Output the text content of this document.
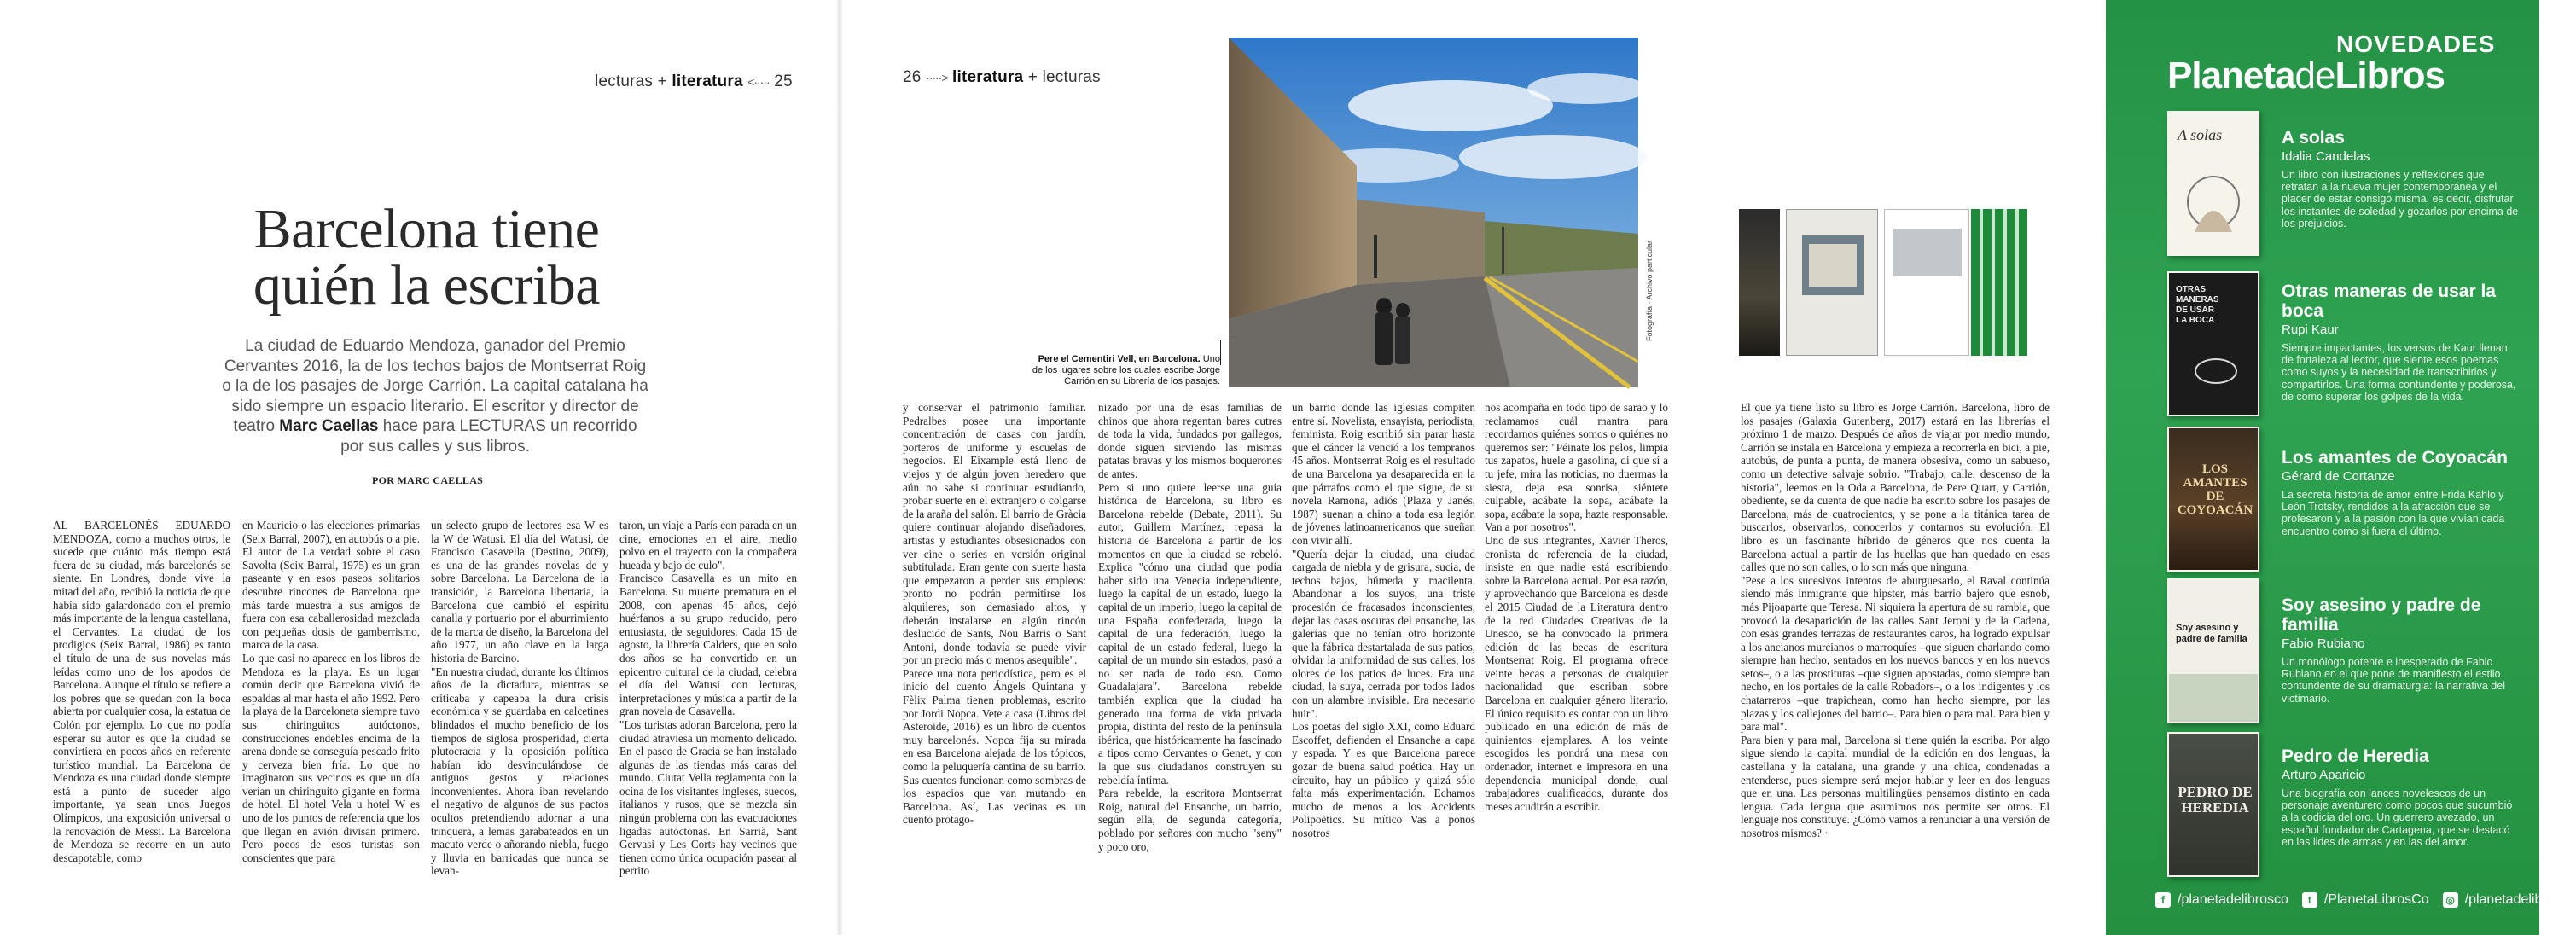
lecturas + literatura <····· 25
Barcelona tiene quién la escriba
La ciudad de Eduardo Mendoza, ganador del Premio Cervantes 2016, la de los techos bajos de Montserrat Roig o la de los pasajes de Jorge Carrión. La capital catalana ha sido siempre un espacio literario. El escritor y director de teatro Marc Caellas hace para LECTURAS un recorrido por sus calles y sus libros.
POR MARC CAELLAS
AL BARCELONÉS EDUARDO MENDOZA, como a muchos otros, le sucede que cuánto más tiempo está fuera de su ciudad, más barcelonés se siente. En Londres, donde vive la mitad del año, recibió la noticia de que había sido galardonado con el premio más importante de la lengua castellana, el Cervantes. La ciudad de los prodigios (Seix Barral, 1986) es tanto el título de una de sus novelas más leídas como uno de los apodos de Barcelona. Aunque el título se refiere a los pobres que se quedan con la boca abierta por cualquier cosa, la estatua de Colón por ejemplo. Lo que no podía esperar su autor es que la ciudad se convirtiera en pocos años en referente turístico mundial. La Barcelona de Mendoza es una ciudad donde siempre está a punto de suceder algo importante, ya sean unos Juegos Olímpicos, una exposición universal o la renovación de Messi. La Barcelona de Mendoza se recorre en un auto descapotable, como
en Mauricio o las elecciones primarias (Seix Barral, 2007), en autobús o a pie. El autor de La verdad sobre el caso Savolta (Seix Barral, 1975) es un gran paseante y en esos paseos solitarios descubre rincones de Barcelona que más tarde muestra a sus amigos de fuera con esa caballerosidad mezclada con pequeñas dosis de gamberrismo, marca de la casa.
Lo que casi no aparece en los libros de Mendoza es la playa. Es un lugar común decir que Barcelona vivió de espaldas al mar hasta el año 1992. Pero la playa de la Barceloneta siempre tuvo sus chiringuitos autóctonos, construcciones endebles encima de la arena donde se conseguía pescado frito y cerveza bien fría. Lo que no imaginaron sus vecinos es que un día verían un chiringuito gigante en forma de hotel. El hotel Vela u hotel W es uno de los puntos de referencia que los que llegan en avión divisan primero. Pero pocos de esos turistas son conscientes que para
un selecto grupo de lectores esa W es la W de Watusi. El día del Watusi, de Francisco Casavella (Destino, 2009), es una de las grandes novelas de y sobre Barcelona. La Barcelona de la transición, la Barcelona libertaria, la Barcelona que cambió el espíritu canalla y portuario por el aburrimiento de la marca de diseño, la Barcelona del año 1977, un año clave en la larga historia de Barcino.
"En nuestra ciudad, durante los últimos años de la dictadura, mientras se criticaba y capeaba la dura crisis económica y se guardaba en calcetines blindados el mucho beneficio de los tiempos de siglosa prosperidad, cierta plutocracia y la oposición política habían ido desvinculándose de antiguos gestos y relaciones inconvenientes. Ahora iban revelando el negativo de algunos de sus pactos ocultos pretendiendo adornar a una trinquera, a lemas garabateados en un macuto verde o añorando niebla, fuego y lluvia en barricadas que nunca se levan-
taron, un viaje a París con parada en un cine, emociones en el aire, medio polvo en el trayecto con la compañera hueada y bajo de culo".
Francisco Casavella es un mito en Barcelona. Su muerte prematura en el 2008, con apenas 45 años, dejó huérfanos a su grupo reducido, pero entusiasta, de seguidores. Cada 15 de agosto, la librería Calders, que en solo dos años se ha convertido en un epicentro cultural de la ciudad, celebra el día del Watusi con lecturas, interpretaciones y música a partir de la gran novela de Casavella.
"Los turistas adoran Barcelona, pero la ciudad atraviesa un momento delicado. En el paseo de Gracia se han instalado algunas de las tiendas más caras del mundo. Ciutat Vella reglamenta con la ocina de los visitantes ingleses, suecos, italianos y rusos, que se mezcla sin ningún problema con las evacuaciones ligadas autóctonas. En Sarrià, Sant Gervasi y Les Corts hay vecinos que tienen como única ocupación pasear al perrito
26 ·····> literatura + lecturas
Fotografía · Archivo particular
Pere el Cementiri Vell, en Barcelona. Uno de los lugares sobre los cuales escribe Jorge Carrión en su Librería de los pasajes.
y conservar el patrimonio familiar. Pedralbes posee una importante concentración de casas con jardín, porteros de uniforme y escuelas de negocios. El Eixample está lleno de viejos y de algún joven heredero que aún no sabe si continuar estudiando, probar suerte en el extranjero o colgarse de la araña del salón. El barrio de Gràcia quiere continuar alojando diseñadores, artistas y estudiantes obsesionados con ver cine o series en versión original subtitulada. Eran gente con suerte hasta que empezaron a perder sus empleos: pronto no podrán permitirse los alquileres, son demasiado altos, y deberán instalarse en algún rincón deslucido de Sants, Nou Barris o Sant Antoni, donde todavía se puede vivir por un precio más o menos asequible".
Parece una nota periodística, pero es el inicio del cuento Ángels Quintana y Fèlix Palma tienen problemas, escrito por Jordi Nopca. Vete a casa (Libros del Asteroide, 2016) es un libro de cuentos muy barcelonés. Nopca fija su mirada en esa Barcelona alejada de los tópicos, como la peluquería cantina de su barrio. Sus cuentos funcionan como sombras de los espacios que van mutando en Barcelona. Así, Las vecinas es un cuento protago-
nizado por una de esas familias de chinos que ahora regentan bares cutres de toda la vida, fundados por gallegos, donde siguen sirviendo las mismas patatas bravas y los mismos boquerones de antes.
Pero si uno quiere leerse una guía histórica de Barcelona, su libro es Barcelona rebelde (Debate, 2011). Su autor, Guillem Martínez, repasa la historia de Barcelona a partir de los momentos en que la ciudad se rebeló. Explica "cómo una ciudad que podía haber sido una Venecia independiente, luego la capital de un estado, luego la capital de un imperio, luego la capital de una España confederada, luego la capital de una federación, luego la capital de un estado federal, luego la capital de un mundo sin estados, pasó a no ser nada de todo eso. Como Guadalajara". Barcelona rebelde también explica que la ciudad ha generado una forma de vida privada propia, distinta del resto de la península ibérica, que históricamente ha fascinado a tipos como Cervantes o Genet, y con la que sus ciudadanos construyen su rebeldía íntima.
Para rebelde, la escritora Montserrat Roig, natural del Ensanche, un barrio, según ella, de segunda categoría, poblado por señores con mucho "seny" y poco oro,
un barrio donde las iglesias compiten entre sí. Novelista, ensayista, periodista, feminista, Roig escribió sin parar hasta que el cáncer la venció a los tempranos 45 años. Montserrat Roig es el resultado de una Barcelona ya desaparecida en la que párrafos como el que sigue, de su novela Ramona, adiós (Plaza y Janés, 1987) suenan a chino a toda esa legión de jóvenes latinoamericanos que sueñan con vivir allí.
"Quería dejar la ciudad, una ciudad cargada de niebla y de grisura, sucia, de techos bajos, húmeda y macilenta. Abandonar a los suyos, una triste procesión de fracasados inconscientes, dejar las casas oscuras del ensanche, las galerías que no tenían otro horizonte que la fábrica destartalada de sus patios, olvidar la uniformidad de sus calles, los olores de los patios de luces. Era una ciudad, la suya, cerrada por todos lados con un alambre invisible. Era necesario huir".
Los poetas del siglo XXI, como Eduard Escoffet, defienden el Ensanche a capa y espada. Y es que Barcelona parece gozar de buena salud poética. Hay un circuito, hay un público y quizá sólo falta más experimentación. Echamos mucho de menos a los Accidents Polipoètics. Su mítico Vas a ponos nosotros
nos acompaña en todo tipo de sarao y lo reclamamos cuál mantra para recordarnos quiénes somos o quiénes no queremos ser: "Péinate los pelos, limpia tus zapatos, huele a gasolina, di que sí a tu jefe, mira las noticias, no duermas la siesta, deja esa sonrisa, siéntete culpable, acábate la sopa, acábate la sopa, acábate la sopa, hazte responsable. Van a por nosotros".
Uno de sus integrantes, Xavier Theros, cronista de referencia de la ciudad, insiste en que nadie está escribiendo sobre la Barcelona actual. Por esa razón, y aprovechando que Barcelona es desde el 2015 Ciudad de la Literatura dentro de la red Ciudades Creativas de la Unesco, se ha convocado la primera edición de las becas de escritura Montserrat Roig. El programa ofrece veinte becas a personas de cualquier nacionalidad que escriban sobre Barcelona en cualquier género literario. El único requisito es contar con un libro publicado en una edición de más de quinientos ejemplares. A los veinte escogidos les pondrá una mesa con ordenador, internet e impresora en una dependencia municipal donde, cual trabajadores cualificados, durante dos meses acudirán a escribir.
El que ya tiene listo su libro es Jorge Carrión. Barcelona, libro de los pasajes (Galaxia Gutenberg, 2017) estará en las librerías el próximo 1 de marzo. Después de años de viajar por medio mundo, Carrión se instala en Barcelona y empieza a recorrerla en bici, a pie, autobús, de punta a punta, de manera obsesiva, como un sabueso, como un detective salvaje sobrio. "Trabajo, calle, descenso de la historia", leemos en la Oda a Barcelona, de Pere Quart, y Carrión, obediente, se da cuenta de que nadie ha escrito sobre los pasajes de Barcelona, más de cuatrocientos, y se pone a la titánica tarea de buscarlos, observarlos, conocerlos y contarnos su evolución. El libro es un fascinante híbrido de géneros que nos cuenta la Barcelona actual a partir de las huellas que han quedado en esas calles que no son calles, o lo son más que ninguna.
"Pese a los sucesivos intentos de aburguesarlo, el Raval continúa siendo más inmigrante que hipster, más barrio bajero que esnob, más Pijoaparte que Teresa. Ni siquiera la apertura de su rambla, que provocó la desaparición de las calles Sant Jeroni y de la Cadena, con esas grandes terrazas de restaurantes caros, ha logrado expulsar a los ancianos murcianos o marroquíes –que siguen charlando como siempre han hecho, sentados en los nuevos bancos y en los nuevos setos–, o a las prostitutas –que siguen apostadas, como siempre han hecho, en los portales de la calle Robadors–, o a los indigentes y los chatarreros –que trapichean, como han hecho siempre, por las plazas y los callejones del barrio–. Para bien o para mal. Para bien y para mal".
Para bien y para mal, Barcelona si tiene quién la escriba. Por algo sigue siendo la capital mundial de la edición en dos lenguas, la castellana y la catalana, una grande y una chica, condenadas a entenderse, pues siempre será mejor hablar y leer en dos lenguas que en una. Las personas multilingües pensamos distinto en cada lengua. Cada lengua que asumimos nos permite ser otros. El lenguaje nos constituye. ¿Cómo vamos a renunciar a una versión de nosotros mismos? ·
NOVEDADES
PlanetadeLibros
A solas	A solas
Idalia Candelas
Un libro con ilustraciones y reflexiones que retratan a la nueva mujer contemporánea y el placer de estar consigo misma, es decir, disfrutar los instantes de soledad y gozarlos por encima de los prejuicios.
OTRAS MANERAS DE USAR LA BOCA
Otras maneras de usar la boca
Rupi Kaur
Siempre impactantes, los versos de Kaur llenan de fortaleza al lector, que siente esos poemas como suyos y la necesidad de transcribirlos y compartirlos. Una forma contundente y poderosa, de como superar los golpes de la vida.
LOS AMANTES DE COYOACÁN
Los amantes de Coyoacán
Gérard de Cortanze
La secreta historia de amor entre Frida Kahlo y León Trotsky, rendidos a la atracción que se profesaron y a la pasión con la que vivían cada encuentro como si fuera el último.
Soy asesino y padre de familia
Soy asesino y padre de familia
Fabio Rubiano
Un monólogo potente e inesperado de Fabio Rubiano en el que pone de manifiesto el estilo contundente de su dramaturgia: la narrativa del victimario.
PEDRO DE HEREDIA
Pedro de Heredia
Arturo Aparicio
Una biografía con lances novelescos de un personaje aventurero como pocos que sucumbió a la codicia del oro. Un guerrero avezado, un español fundador de Cartagena, que se destacó en las lides de armas y en las del amor.
f /planetadelibrosco	t /PlanetaLibrosCo	◎ /planetadelibrosco
